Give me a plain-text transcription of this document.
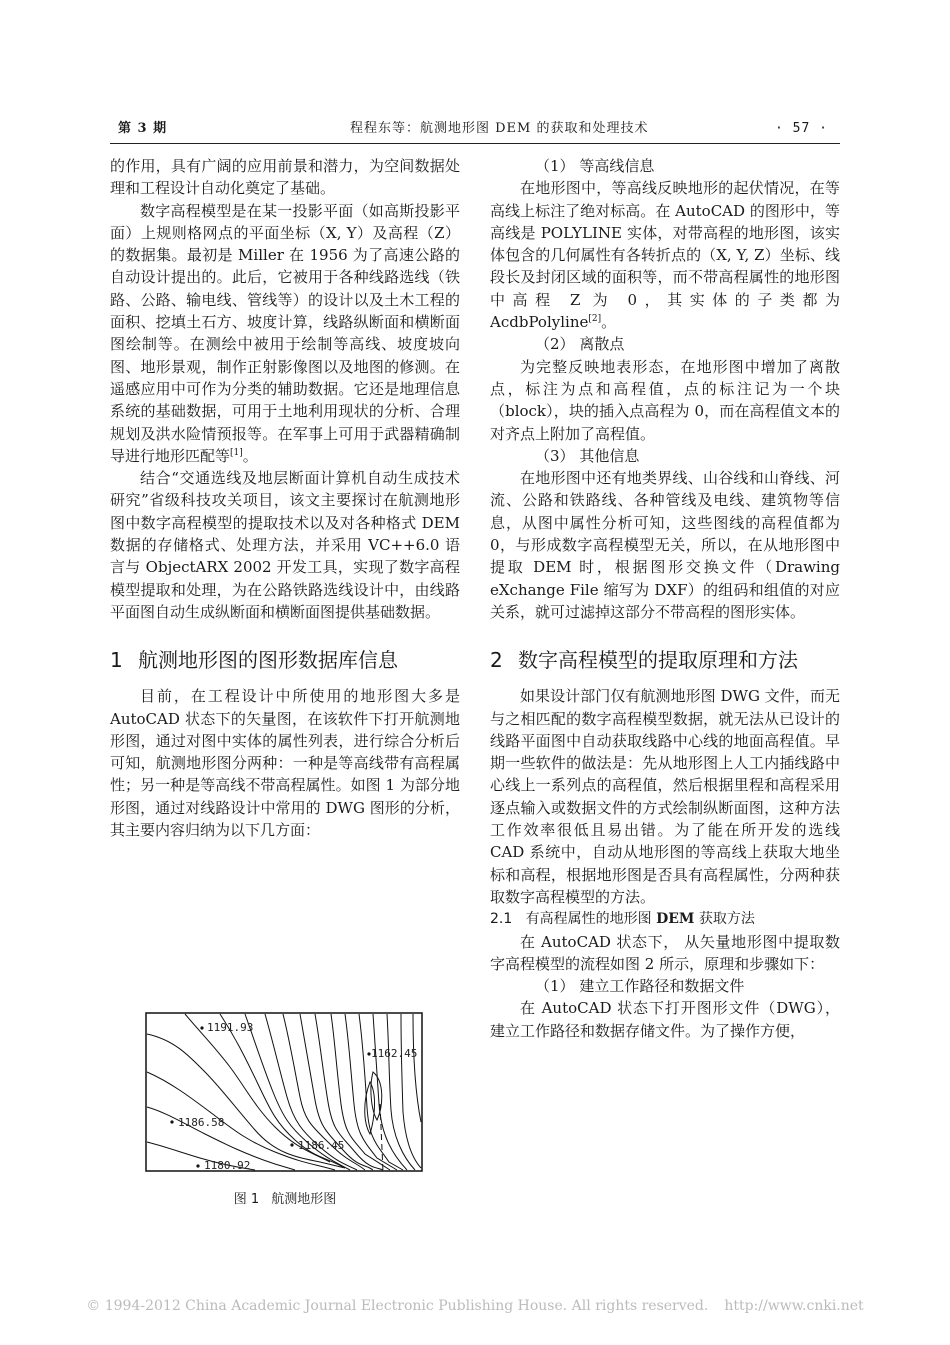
第 3 期	程程东等：航测地形图 DEM 的获取和处理技术	· 57 ·

的作用，具有广阔的应用前景和潜力，为空间数据处理和工程设计自动化奠定了基础。

数字高程模型是在某一投影平面（如高斯投影平面）上规则格网点的平面坐标（X, Y）及高程（Z）的数据集。最初是 Miller 在 1956 为了高速公路的自动设计提出的。此后，它被用于各种线路选线（铁路、公路、输电线、管线等）的设计以及土木工程的面积、挖填土石方、坡度计算，线路纵断面和横断面图绘制等。在测绘中被用于绘制等高线、坡度坡向图、地形景观，制作正射影像图以及地图的修测。在遥感应用中可作为分类的辅助数据。它还是地理信息系统的基础数据，可用于土地利用现状的分析、合理规划及洪水险情预报等。在军事上可用于武器精确制导进行地形匹配等[1]。

结合“交通选线及地层断面计算机自动生成技术研究”省级科技攻关项目，该文主要探讨在航测地形图中数字高程模型的提取技术以及对各种格式 DEM 数据的存储格式、处理方法，并采用 VC++6.0 语言与 ObjectARX 2002 开发工具，实现了数字高程模型提取和处理，为在公路铁路选线设计中，由线路平面图自动生成纵断面和横断面图提供基础数据。

1 航测地形图的图形数据库信息

目前，在工程设计中所使用的地形图大多是 AutoCAD 状态下的矢量图，在该软件下打开航测地形图，通过对图中实体的属性列表，进行综合分析后可知，航测地形图分两种：一种是等高线带有高程属性；另一种是等高线不带高程属性。如图 1 为部分地形图，通过对线路设计中常用的 DWG 图形的分析，其主要内容归纳为以下几方面：

1191.93
1162.45
1186.58
1186.45
1180.92
图 1 航测地形图

（1） 等高线信息

在地形图中，等高线反映地形的起伏情况，在等高线上标注了绝对标高。在 AutoCAD 的图形中，等高线是 POLYLINE 实体，对带高程的地形图，该实体包含的几何属性有各转折点的（X, Y, Z）坐标、线段长及封闭区域的面积等，而不带高程属性的地形图中高程 Z 为 0，其实体的子类都为 AcdbPolyline[2]。

（2） 离散点

为完整反映地表形态，在地形图中增加了离散点，标注为点和高程值，点的标注记为一个块（block），块的插入点高程为 0，而在高程值文本的对齐点上附加了高程值。

（3） 其他信息

在地形图中还有地类界线、山谷线和山脊线、河流、公路和铁路线、各种管线及电线、建筑物等信息，从图中属性分析可知，这些图线的高程值都为 0，与形成数字高程模型无关，所以，在从地形图中提取 DEM 时，根据图形交换文件（Drawing eXchange File 缩写为 DXF）的组码和组值的对应关系，就可过滤掉这部分不带高程的图形实体。

2 数字高程模型的提取原理和方法

如果设计部门仅有航测地形图 DWG 文件，而无与之相匹配的数字高程模型数据，就无法从已设计的线路平面图中自动获取线路中心线的地面高程值。早期一些软件的做法是：先从地形图上人工内插线路中心线上一系列点的高程值，然后根据里程和高程采用逐点输入或数据文件的方式绘制纵断面图，这种方法工作效率很低且易出错。为了能在所开发的选线 CAD 系统中，自动从地形图的等高线上获取大地坐标和高程，根据地形图是否具有高程属性，分两种获取数字高程模型的方法。

2.1 有高程属性的地形图 DEM 获取方法

在 AutoCAD 状态下， 从矢量地形图中提取数字高程模型的流程如图 2 所示，原理和步骤如下：

（1） 建立工作路径和数据文件

在 AutoCAD 状态下打开图形文件（DWG），建立工作路径和数据存储文件。为了操作方便，

© 1994-2012 China Academic Journal Electronic Publishing House. All rights reserved. http://www.cnki.net
